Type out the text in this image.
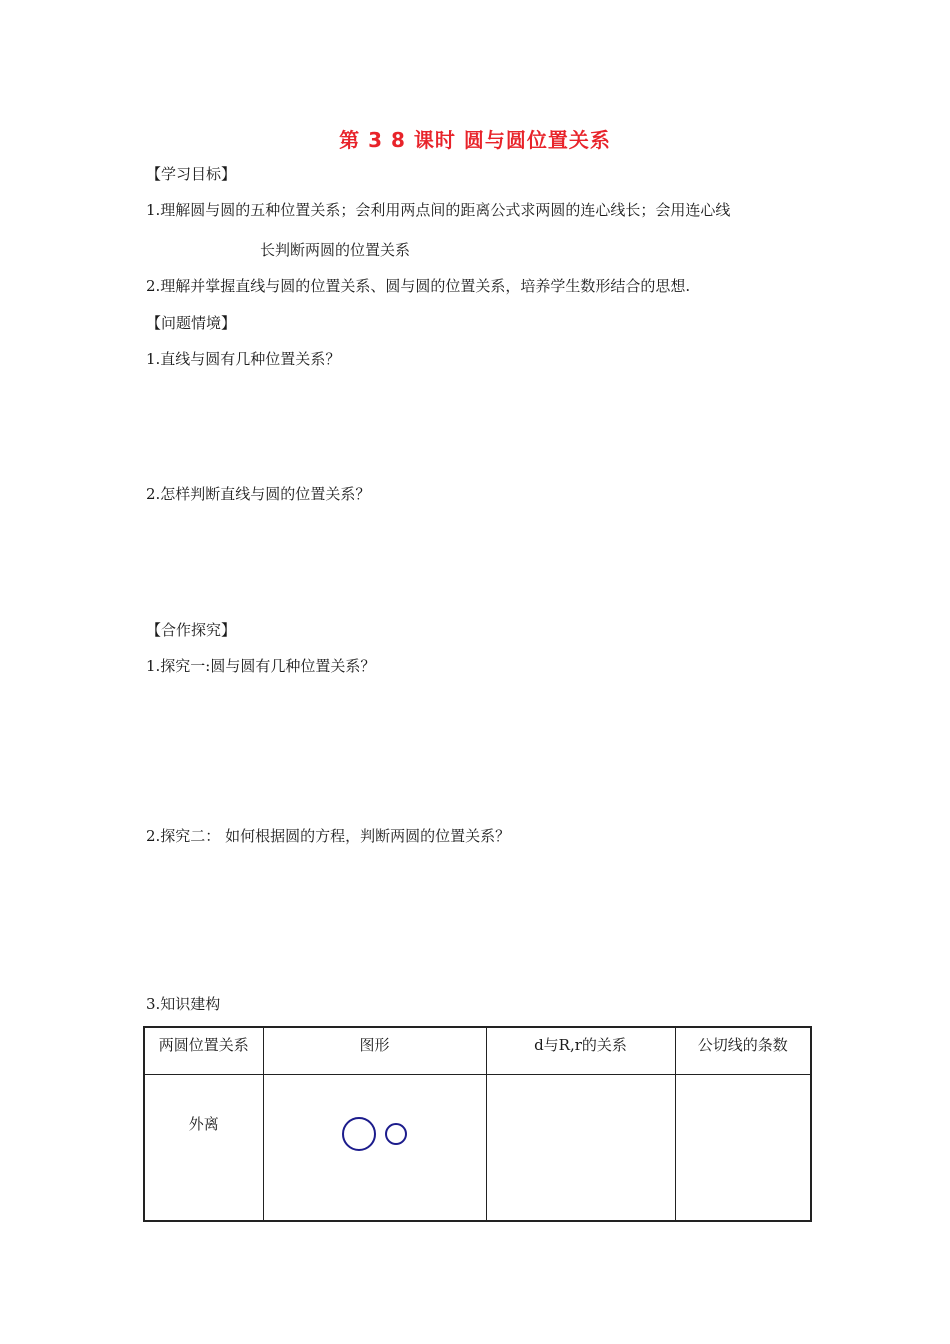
第 3 8 课时 圆与圆位置关系
【学习目标】
1.理解圆与圆的五种位置关系；会利用两点间的距离公式求两圆的连心线长；会用连心线
长判断两圆的位置关系
2.理解并掌握直线与圆的位置关系、圆与圆的位置关系，培养学生数形结合的思想.
【问题情境】
1.直线与圆有几种位置关系？
2.怎样判断直线与圆的位置关系？
【合作探究】
1.探究一:圆与圆有几种位置关系？
2.探究二： 如何根据圆的方程，判断两圆的位置关系？
3.知识建构
两圆位置关系	图形	d与R,r的关系	公切线的条数
外离	
